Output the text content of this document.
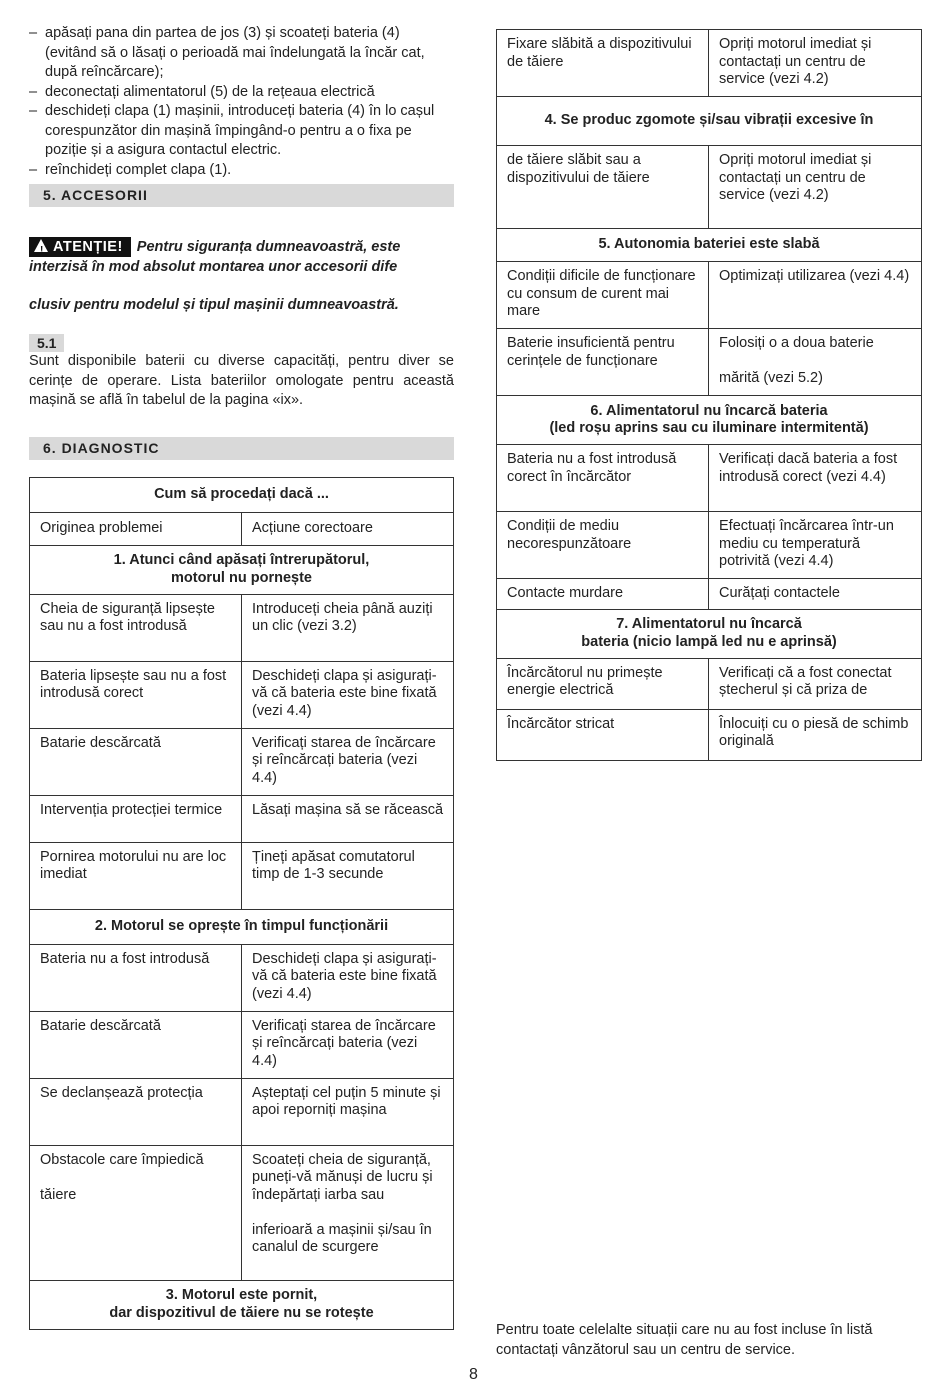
– apăsați pana din partea de jos (3) și scoateți bateria (4) (evitând să o lăsați o perioadă mai îndelungată la încăr cat, după reîncărcare);
– deconectați alimentatorul (5) de la rețeaua electrică
– deschideți clapa (1) mașinii, introduceți bateria (4) în lo cașul corespunzător din mașină împingând-o pentru a o fixa pe poziție și a asigura contactul electric.
– reînchideți complet clapa (1).
5. ACCESORII
! ATENȚIE! Pentru siguranța dumneavoastră, este interzisă în mod absolut montarea unor accesorii dife
clusiv pentru modelul și tipul mașinii dumneavoastră.
5.1
Sunt disponibile baterii cu diverse capacități, pentru diver se cerințe de operare. Lista bateriilor omologate pentru această mașină se află în tabelul de la pagina «ix».
6. DIAGNOSTIC
Cum să procedați dacă ...	
Originea problemei	Acțiune corectoare
1. Atunci când apăsați întrerupătorul,
motorul nu pornește	
Cheia de siguranță lipsește sau nu a fost introdusă	Introduceți cheia până auziți un clic (vezi 3.2)
Bateria lipsește sau nu a fost introdusă corect	Deschideți clapa și asigurați-vă că bateria este bine fixată (vezi 4.4)
Batarie descărcată	Verificați starea de încărcare și reîncărcați bateria (vezi 4.4)
Intervenția protecției termice	Lăsați mașina să se răcească
Pornirea motorului nu are loc imediat	Țineți apăsat comutatorul timp de 1-3 secunde
2. Motorul se oprește în timpul funcționării	
Bateria nu a fost introdusă	Deschideți clapa și asigurați-vă că bateria este bine fixată (vezi 4.4)
Batarie descărcată	Verificați starea de încărcare și reîncărcați bateria (vezi 4.4)
Se declanșează protecția	Așteptați cel puțin 5 minute și apoi reporniți mașina
Obstacole care împiedică

tăiere	Scoateți cheia de siguranță, puneți-vă mănuși de lucru și îndepărtați iarba sau

inferioară a mașinii și/sau în canalul de scurgere
3. Motorul este pornit,
dar dispozitivul de tăiere nu se rotește	
Fixare slăbită a dispozitivului de tăiere	Opriți motorul imediat și contactați un centru de service (vezi 4.2)
4. Se produc zgomote și/sau vibrații excesive în	
de tăiere slăbit sau a dispozitivului de tăiere	Opriți motorul imediat și contactați un centru de service (vezi 4.2)
5. Autonomia bateriei este slabă	
Condiții dificile de funcționare cu consum de curent mai mare	Optimizați utilizarea (vezi 4.4)
Baterie insuficientă pentru cerințele de funcționare	Folosiți o a doua baterie

mărită (vezi 5.2)
6. Alimentatorul nu încarcă bateria
(led roșu aprins sau cu iluminare intermitentă)	
Bateria nu a fost introdusă corect în încărcător	Verificați dacă bateria a fost introdusă corect (vezi 4.4)
Condiții de mediu necorespunzătoare	Efectuați încărcarea într-un mediu cu temperatură potrivită (vezi 4.4)
Contacte murdare	Curățați contactele
7. Alimentatorul nu încarcă
bateria (nicio lampă led nu e aprinsă)	
Încărcătorul nu primește energie electrică	Verificați că a fost conectat ștecherul și că priza de
Încărcător stricat	Înlocuiți cu o piesă de schimb originală
Pentru toate celelalte situații care nu au fost incluse în listă contactați vânzătorul sau un centru de service.
8
